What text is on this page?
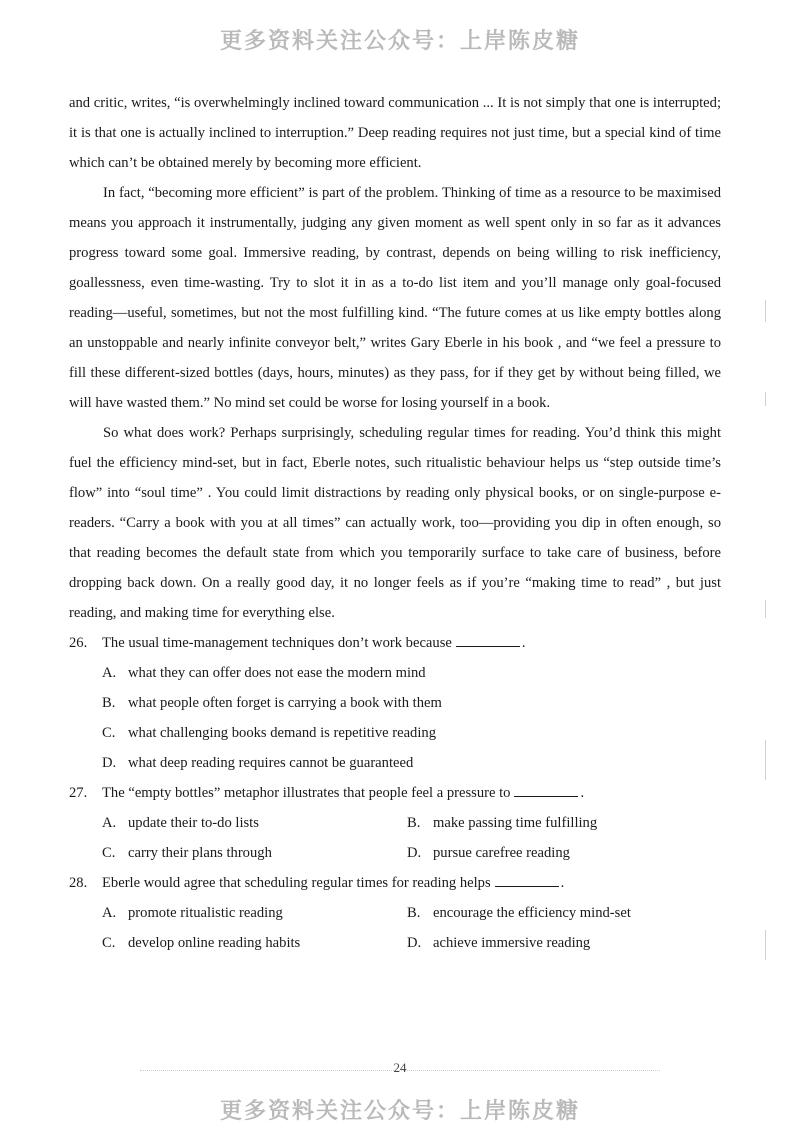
更多资料关注公众号：上岸陈皮糖

and critic, writes, “is overwhelmingly inclined toward communication ... It is not simply that one is interrupted; it is that one is actually inclined to interruption.” Deep reading requires not just time, but a special kind of time which can’t be obtained merely by becoming more efficient.

In fact, “becoming more efficient” is part of the problem. Thinking of time as a resource to be maximised means you approach it instrumentally, judging any given moment as well spent only in so far as it advances progress toward some goal. Immersive reading, by contrast, depends on being willing to risk inefficiency, goallessness, even time-wasting. Try to slot it in as a to-do list item and you’ll manage only goal-focused reading—useful, sometimes, but not the most fulfilling kind. “The future comes at us like empty bottles along an unstoppable and nearly infinite conveyor belt,” writes Gary Eberle in his book , and “we feel a pressure to fill these different-sized bottles (days, hours, minutes) as they pass, for if they get by without being filled, we will have wasted them.” No mind set could be worse for losing yourself in a book.

So what does work? Perhaps surprisingly, scheduling regular times for reading. You’d think this might fuel the efficiency mind-set, but in fact, Eberle notes, such ritualistic behaviour helps us “step outside time’s flow” into “soul time” . You could limit distractions by reading only physical books, or on single-purpose e-readers. “Carry a book with you at all times” can actually work, too—providing you dip in often enough, so that reading becomes the default state from which you temporarily surface to take care of business, before dropping back down. On a really good day, it no longer feels as if you’re “making time to read” , but just reading, and making time for everything else.

26. The usual time-management techniques don’t work because	.
A. what they can offer does not ease the modern mind
B. what people often forget is carrying a book with them
C. what challenging books demand is repetitive reading
D. what deep reading requires cannot be guaranteed
27. The “empty bottles” metaphor illustrates that people feel a pressure to	.
A. update their to-do lists	B. make passing time fulfilling
C. carry their plans through	D. pursue carefree reading
28. Eberle would agree that scheduling regular times for reading helps	.
A. promote ritualistic reading	B. encourage the efficiency mind-set
C. develop online reading habits	D. achieve immersive reading
24
更多资料关注公众号：上岸陈皮糖
